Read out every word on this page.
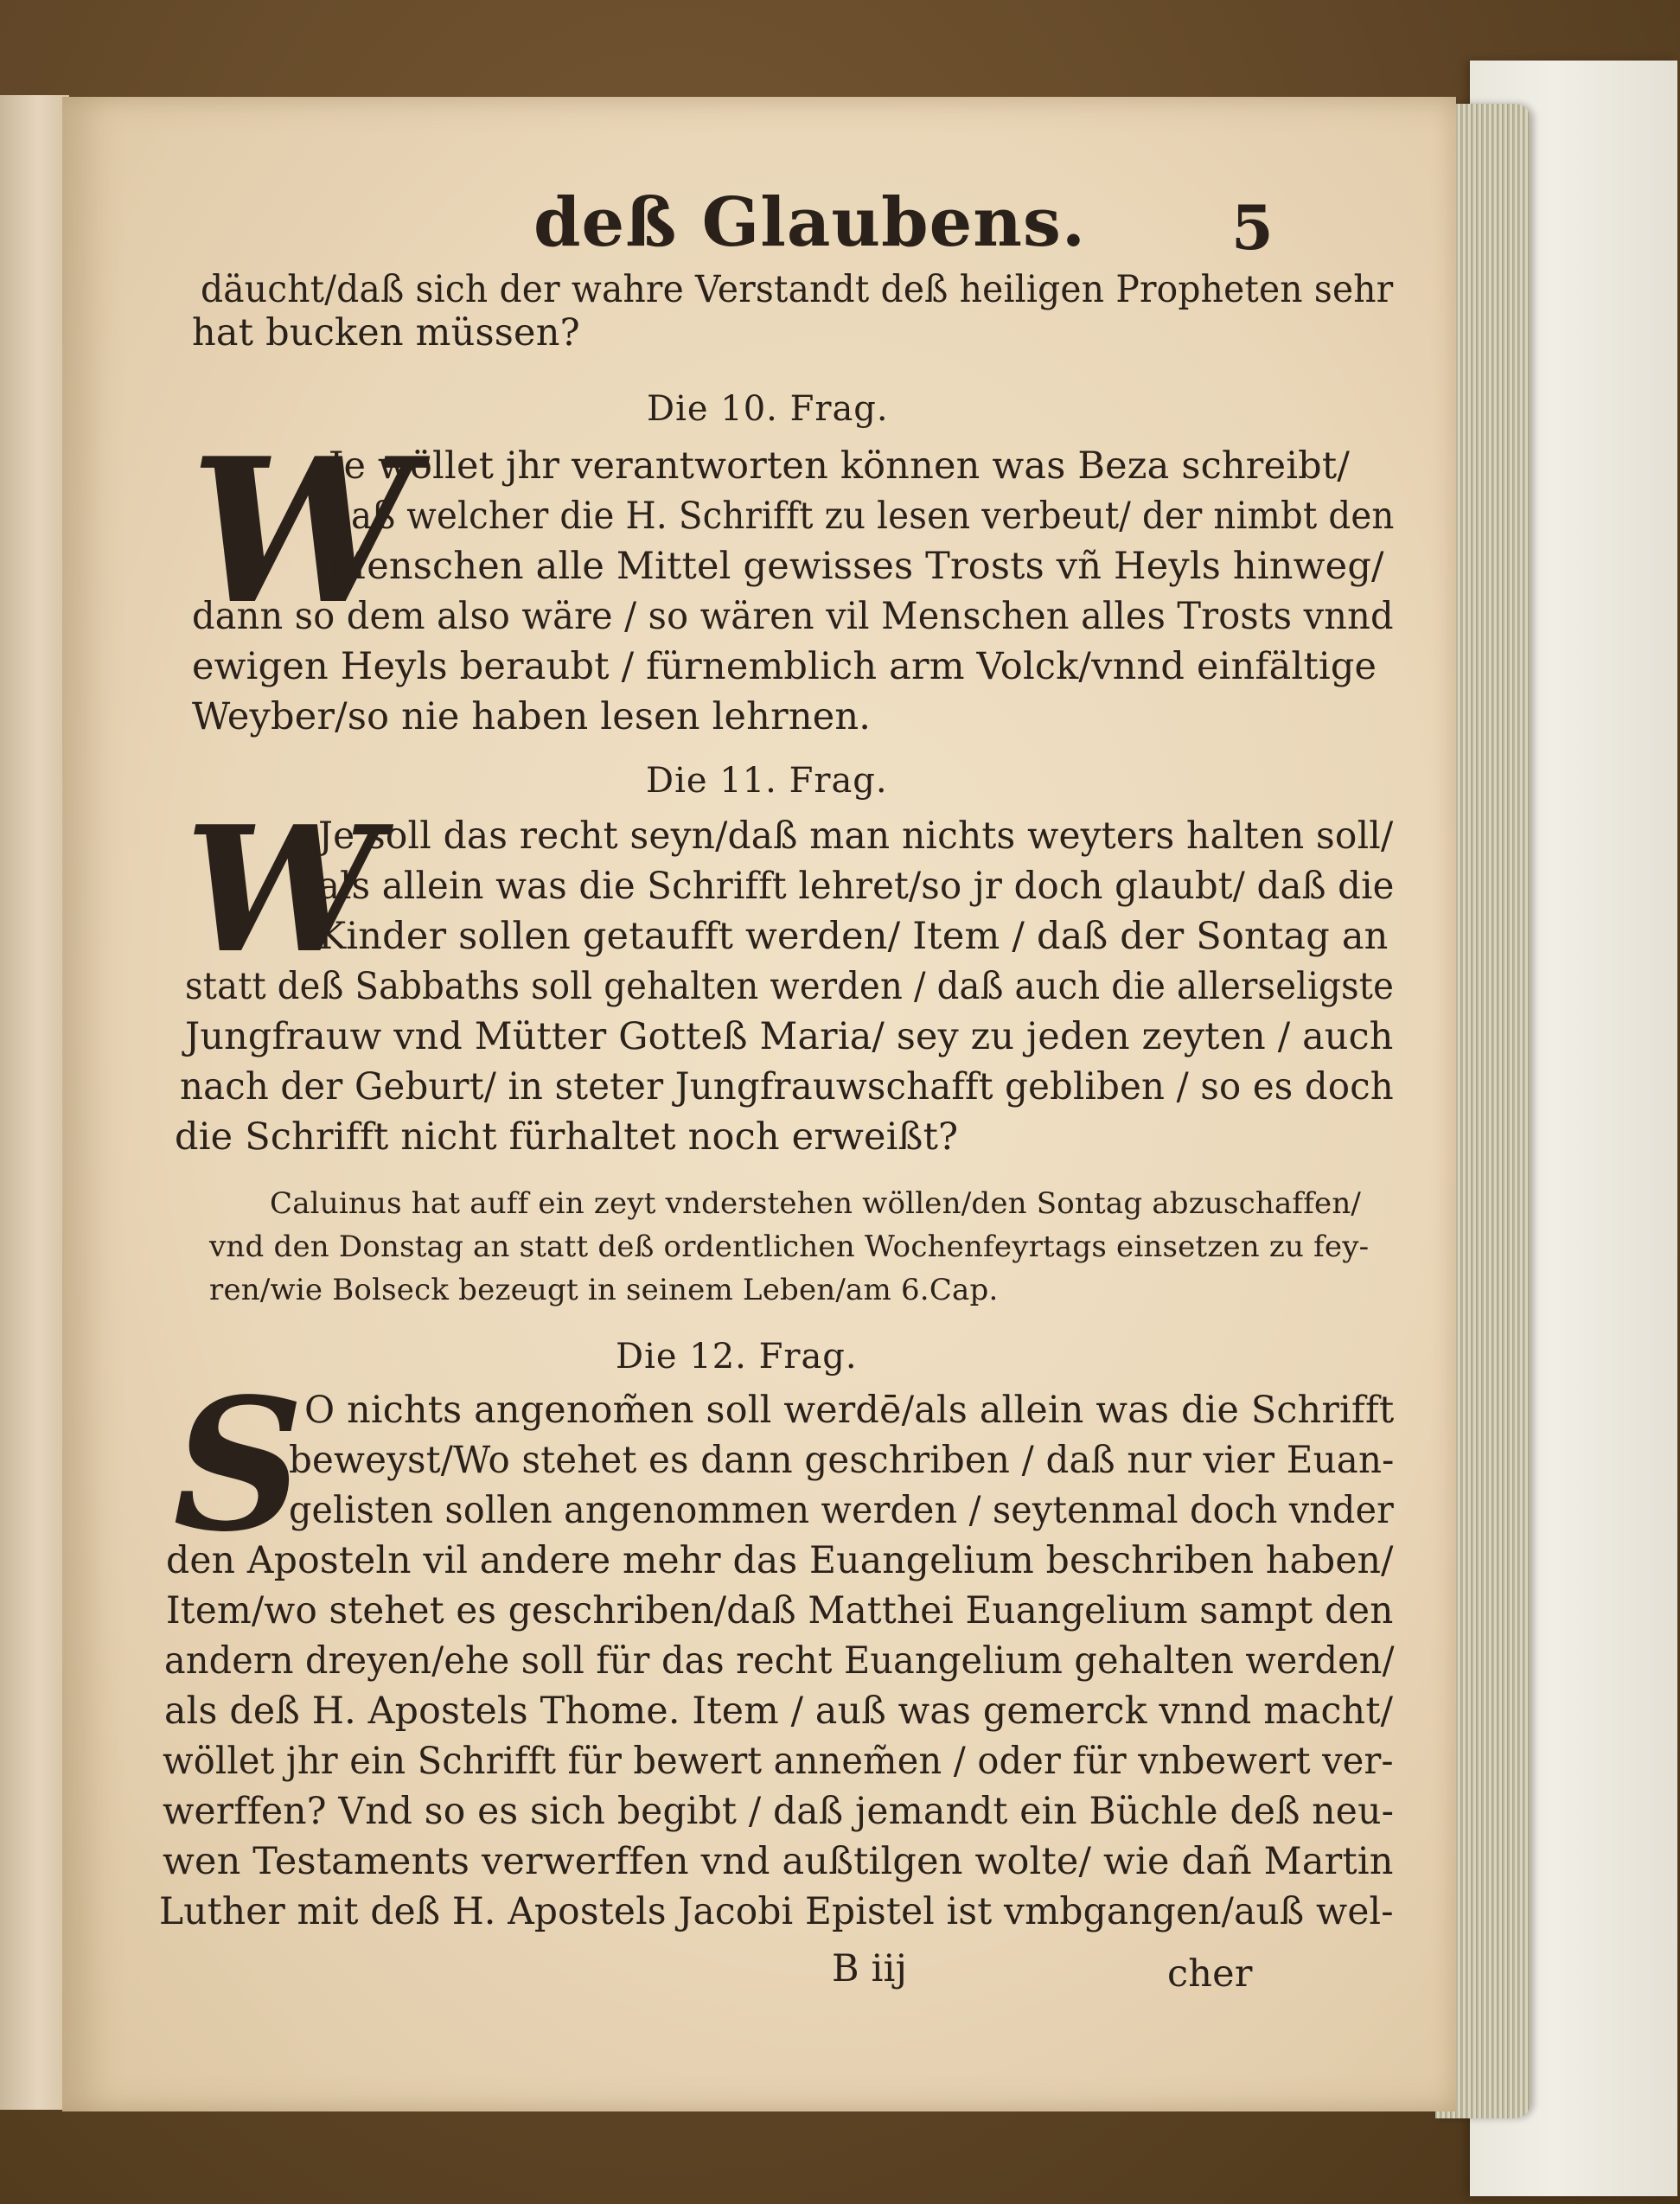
deß Glaubens. 5

däucht/daß sich der wahre Verstandt deß heiligen Propheten sehr

hat bucken müssen?

Die 10. Frag.

W

Je wöllet jhr verantworten können was Beza schreibt/

daß welcher die H. Schrifft zu lesen verbeut/ der nimbt den

Menschen alle Mittel gewisses Trosts vñ Heyls hinweg/

dann so dem also wäre / so wären vil Menschen alles Trosts vnnd

ewigen Heyls beraubt / fürnemblich arm Volck/vnnd einfältige

Weyber/so nie haben lesen lehrnen.

Die 11. Frag.

W

Je soll das recht seyn/daß man nichts weyters halten soll/

als allein was die Schrifft lehret/so jr doch glaubt/ daß die

Kinder sollen getaufft werden/ Item / daß der Sontag an

statt deß Sabbaths soll gehalten werden / daß auch die allerseligste

Jungfrauw vnd Mütter Gotteß Maria/ sey zu jeden zeyten / auch

nach der Geburt/ in steter Jungfrauwschafft gebliben / so es doch

die Schrifft nicht fürhaltet noch erweißt?

Caluinus hat auff ein zeyt vnderstehen wöllen/den Sontag abzuschaffen/

vnd den Donstag an statt deß ordentlichen Wochenfeyrtags einsetzen zu fey-

ren/wie Bolseck bezeugt in seinem Leben/am 6.Cap.

Die 12. Frag.

S O nichts angenom̃en soll werdē/als allein was die Schrifft

beweyst/Wo stehet es dann geschriben / daß nur vier Euan-

gelisten sollen angenommen werden / seytenmal doch vnder

den Aposteln vil andere mehr das Euangelium beschriben haben/

Item/wo stehet es geschriben/daß Matthei Euangelium sampt den

andern dreyen/ehe soll für das recht Euangelium gehalten werden/

als deß H. Apostels Thome. Item / auß was gemerck vnnd macht/

wöllet jhr ein Schrifft für bewert annem̃en / oder für vnbewert ver-

werffen? Vnd so es sich begibt / daß jemandt ein Büchle deß neu-

wen Testaments verwerffen vnd außtilgen wolte/ wie dañ Martin

Luther mit deß H. Apostels Jacobi Epistel ist vmbgangen/auß wel-

B iij	cher
